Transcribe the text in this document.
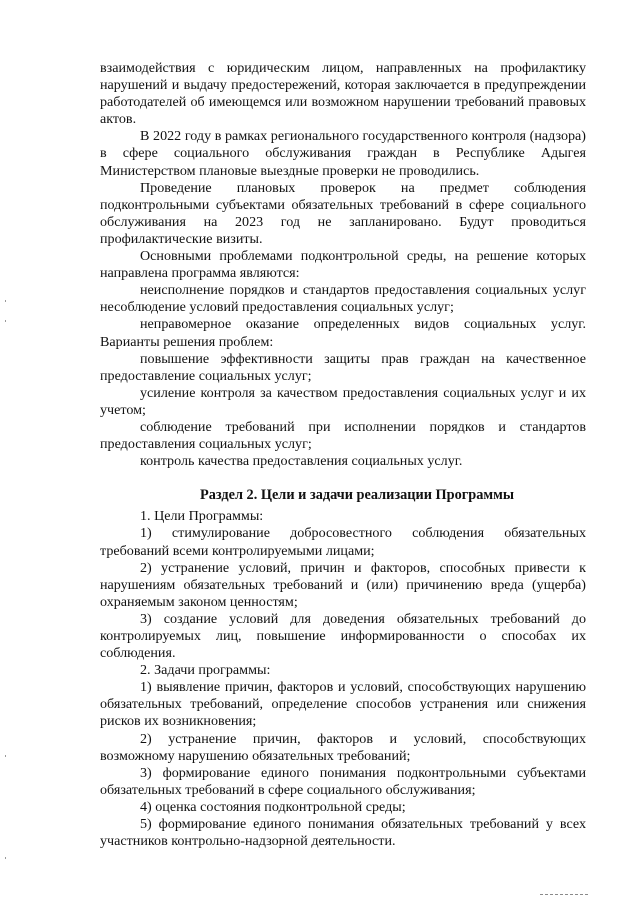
взаимодействия с юридическим лицом, направленных на профилактику нарушений и выдачу предостережений, которая заключается в предупреждении работодателей об имеющемся или возможном нарушении требований правовых актов.

В 2022 году в рамках регионального государственного контроля (надзора) в сфере социального обслуживания граждан в Республике Адыгея Министерством плановые выездные проверки не проводились.

Проведение плановых проверок на предмет соблюдения подконтрольными субъектами обязательных требований в сфере социального обслуживания на 2023 год не запланировано. Будут проводиться профилактические визиты.

Основными проблемами подконтрольной среды, на решение которых направлена программа являются:

неисполнение порядков и стандартов предоставления социальных услуг несоблюдение условий предоставления социальных услуг;

неправомерное оказание определенных видов социальных услуг. Варианты решения проблем:

повышение эффективности защиты прав граждан на качественное предоставление социальных услуг;

усиление контроля за качеством предоставления социальных услуг и их учетом;

соблюдение требований при исполнении порядков и стандартов предоставления социальных услуг;

контроль качества предоставления социальных услуг.

Раздел 2. Цели и задачи реализации Программы

1. Цели Программы:

1) стимулирование добросовестного соблюдения обязательных требований всеми контролируемыми лицами;

2) устранение условий, причин и факторов, способных привести к нарушениям обязательных требований и (или) причинению вреда (ущерба) охраняемым законом ценностям;

3) создание условий для доведения обязательных требований до контролируемых лиц, повышение информированности о способах их соблюдения.

2. Задачи программы:

1) выявление причин, факторов и условий, способствующих нарушению обязательных требований, определение способов устранения или снижения рисков их возникновения;

2) устранение причин, факторов и условий, способствующих возможному нарушению обязательных требований;

3) формирование единого понимания подконтрольными субъектами обязательных требований в сфере социального обслуживания;

4) оценка состояния подконтрольной среды;

5) формирование единого понимания обязательных требований у всех участников контрольно-надзорной деятельности.
